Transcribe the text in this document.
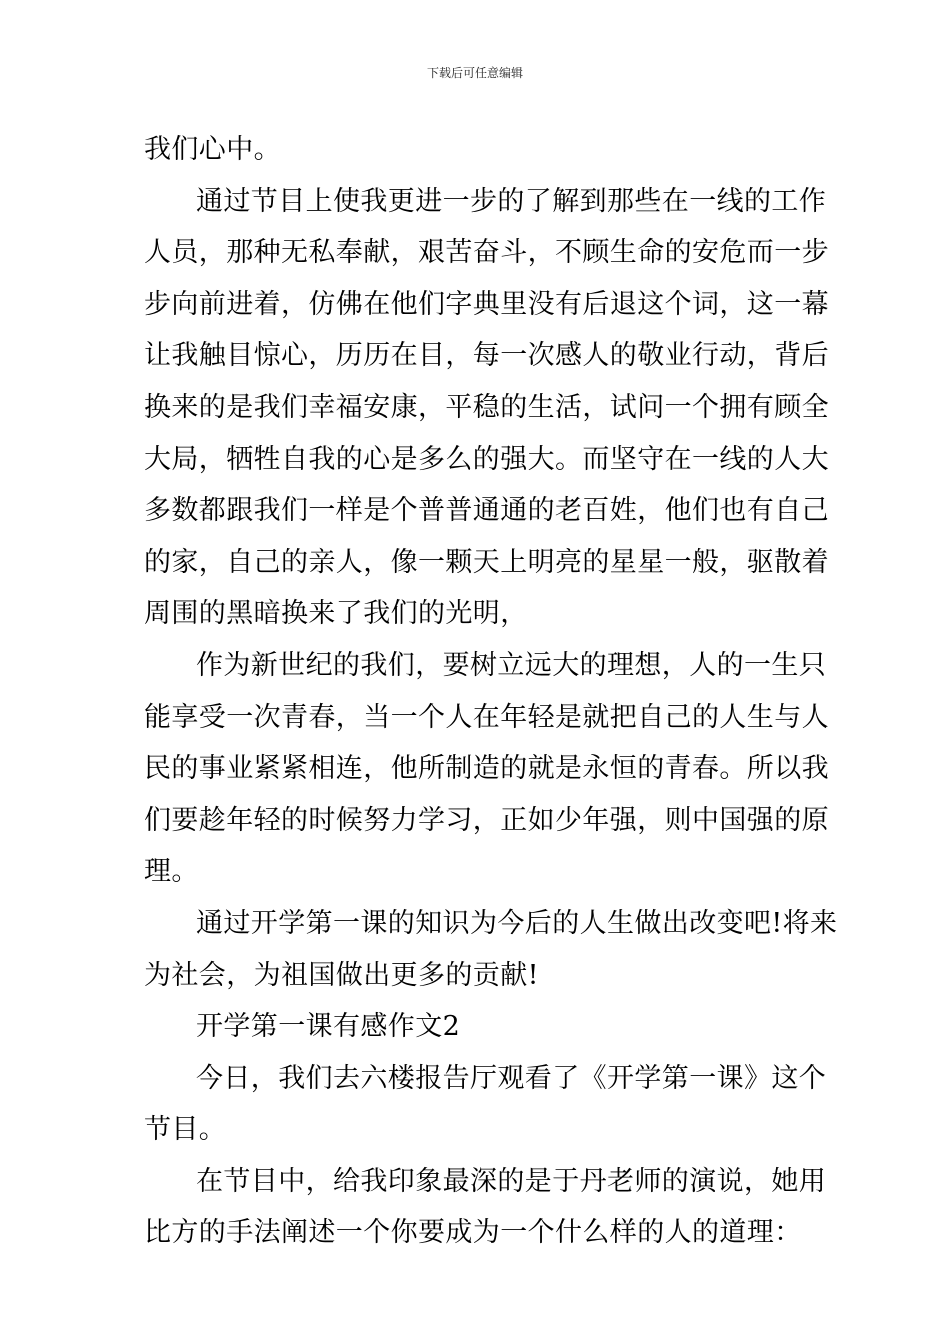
下载后可任意编辑
我们心中。
通过节目上使我更进一步的了解到那些在一线的工作
人员，那种无私奉献，艰苦奋斗，不顾生命的安危而一步
步向前进着，仿佛在他们字典里没有后退这个词，这一幕
让我触目惊心，历历在目，每一次感人的敬业行动，背后
换来的是我们幸福安康，平稳的生活，试问一个拥有顾全
大局，牺牲自我的心是多么的强大。而坚守在一线的人大
多数都跟我们一样是个普普通通的老百姓，他们也有自己
的家，自己的亲人，像一颗天上明亮的星星一般，驱散着
周围的黑暗换来了我们的光明，
作为新世纪的我们，要树立远大的理想，人的一生只
能享受一次青春，当一个人在年轻是就把自己的人生与人
民的事业紧紧相连，他所制造的就是永恒的青春。所以我
们要趁年轻的时候努力学习，正如少年强，则中国强的原
理。
通过开学第一课的知识为今后的人生做出改变吧!将来
为社会，为祖国做出更多的贡献!
开学第一课有感作文2
今日，我们去六楼报告厅观看了《开学第一课》这个
节目。
在节目中，给我印象最深的是于丹老师的演说，她用
比方的手法阐述一个你要成为一个什么样的人的道理：
